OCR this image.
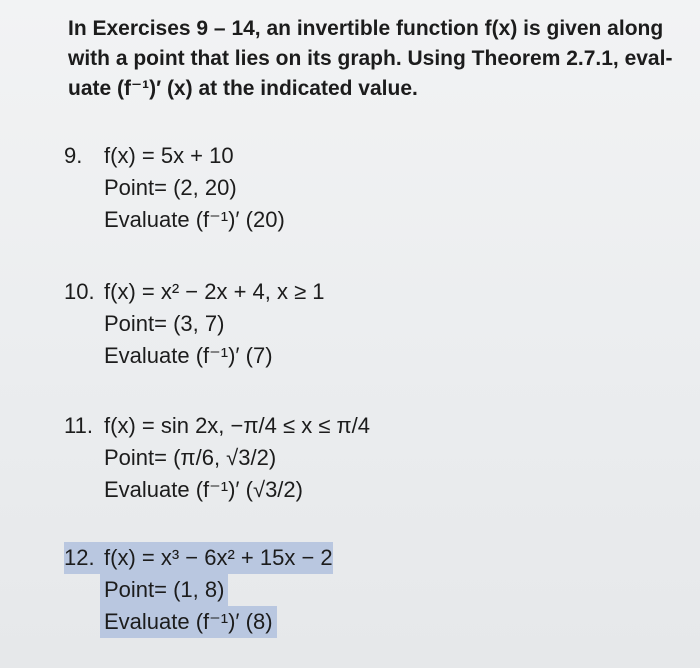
In Exercises 9 – 14, an invertible function f(x) is given along
with a point that lies on its graph. Using Theorem 2.7.1, eval-
uate (f⁻¹)′ (x) at the indicated value.
9. f(x) = 5x + 10
Point= (2, 20)
Evaluate (f⁻¹)′ (20)
10. f(x) = x² − 2x + 4, x ≥ 1
Point= (3, 7)
Evaluate (f⁻¹)′ (7)
11. f(x) = sin 2x, −π/4 ≤ x ≤ π/4
Point= (π/6, √3/2)
Evaluate (f⁻¹)′ (√3/2)
12. f(x) = x³ − 6x² + 15x − 2
Point= (1, 8)
Evaluate (f⁻¹)′ (8)
